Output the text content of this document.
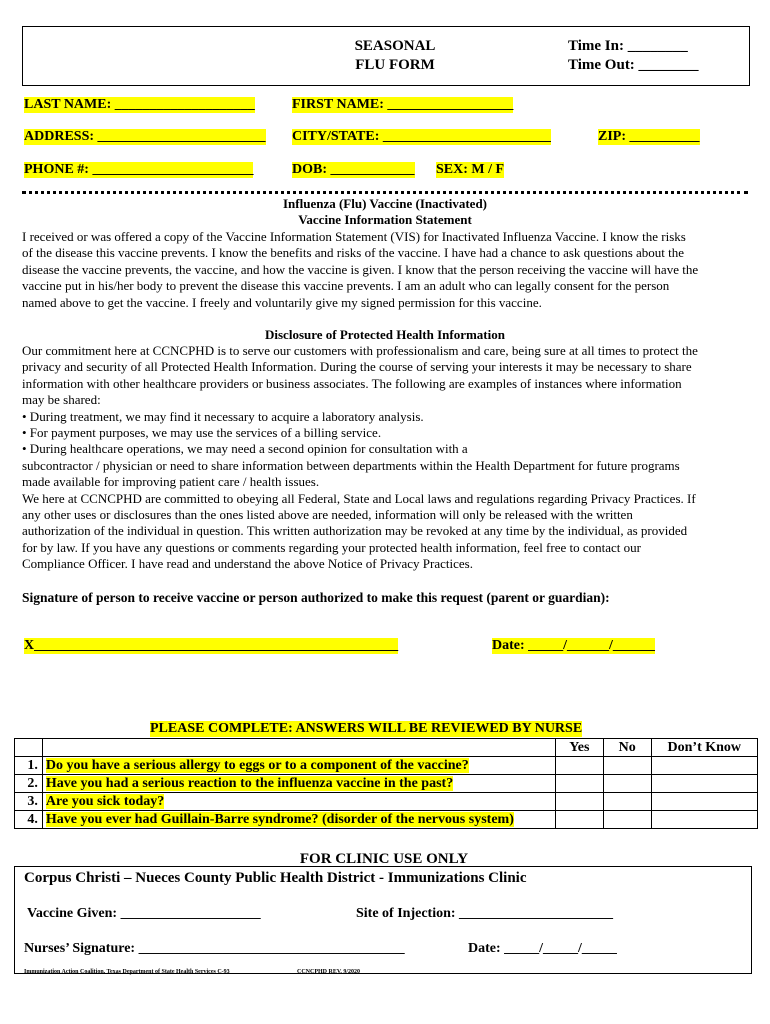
SEASONAL
FLU FORM
Time In: ________
Time Out: ________
LAST NAME: ____________________	FIRST NAME: __________________
ADDRESS: ________________________ CITY/STATE: ________________________	ZIP: __________
PHONE #: _______________________	DOB: ____________ SEX: M / F
Influenza (Flu) Vaccine (Inactivated)
Vaccine Information Statement
I received or was offered a copy of the Vaccine Information Statement (VIS) for Inactivated Influenza Vaccine. I know the risks
of the disease this vaccine prevents. I know the benefits and risks of the vaccine. I have had a chance to ask questions about the
disease the vaccine prevents, the vaccine, and how the vaccine is given. I know that the person receiving the vaccine will have the
vaccine put in his/her body to prevent the disease this vaccine prevents. I am an adult who can legally consent for the person
named above to get the vaccine. I freely and voluntarily give my signed permission for this vaccine.
Disclosure of Protected Health Information
Our commitment here at CCNCPHD is to serve our customers with professionalism and care, being sure at all times to protect the
privacy and security of all Protected Health Information. During the course of serving your interests it may be necessary to share
information with other healthcare providers or business associates. The following are examples of instances where information
may be shared:
• During treatment, we may find it necessary to acquire a laboratory analysis.
• For payment purposes, we may use the services of a billing service.
• During healthcare operations, we may need a second opinion for consultation with a
subcontractor / physician or need to share information between departments within the Health Department for future programs
made available for improving patient care / health issues.
We here at CCNCPHD are committed to obeying all Federal, State and Local laws and regulations regarding Privacy Practices. If
any other uses or disclosures than the ones listed above are needed, information will only be released with the written
authorization of the individual in question. This written authorization may be revoked at any time by the individual, as provided
for by law. If you have any questions or comments regarding your protected health information, feel free to contact our
Compliance Officer. I have read and understand the above Notice of Privacy Practices.
Signature of person to receive vaccine or person authorized to make this request (parent or guardian):
X____________________________________________________	Date: _____/______/______
PLEASE COMPLETE: ANSWERS WILL BE REVIEWED BY NURSE
		Yes	No	Don’t Know
1.	Do you have a serious allergy to eggs or to a component of the vaccine?			
2.	Have you had a serious reaction to the influenza vaccine in the past?			
3.	Are you sick today?			
4.	Have you ever had Guillain-Barre syndrome? (disorder of the nervous system)			
FOR CLINIC USE ONLY
Corpus Christi – Nueces County Public Health District - Immunizations Clinic
Vaccine Given: ____________________	Site of Injection: ______________________
Nurses’ Signature: ______________________________________	Date: _____/_____/_____
Immunization Action Coalition, Texas Department of State Health Services C-93	CCNCPHD REV. 9/2020
